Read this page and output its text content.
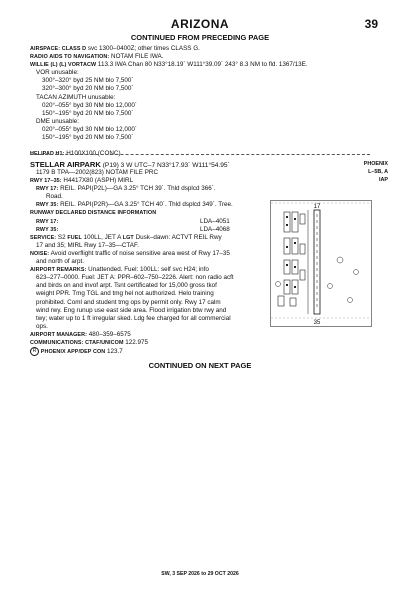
ARIZONA	39
CONTINUED FROM PRECEDING PAGE
AIRSPACE: CLASS D svc 1300–0400Z; other times CLASS G.
RADIO AIDS TO NAVIGATION: NOTAM FILE IWA.
WILLIE (L) (L) VORTACW 113.3 IWA Chan 80 N33°18.19´ W111°39.09´ 243° 8.3 NM to fld. 1367/13E.
VOR unusable:
300°–320° byd 25 NM blo 7,500´
320°–300° byd 20 NM blo 7,500´
TACAN AZIMUTH unusable:
020°–055° byd 30 NM blo 12,000´
150°–195° byd 20 NM blo 7,500´
DME unusable:
020°–055° byd 30 NM blo 12,000´
150°–195° byd 20 NM blo 7,500´
HELIPAD H1: H100X100 (CONC)
STELLAR AIRPARK (P19) 3 W UTC–7 N33°17.93´ W111°54.95´	PHOENIX
L–5B, A
IAP
1179 B TPA—2002(823) NOTAM FILE PRC
RWY 17–35: H4417X80 (ASPH) MIRL
RWY 17: REIL. PAPI(P2L)—GA 3.25° TCH 39´. Thld dsplcd 366´.
Road.
RWY 35: REIL. PAPI(P2R)—GA 3.25° TCH 40´. Thld dsplcd 349´. Tree.
RUNWAY DECLARED DISTANCE INFORMATION
RWY 17:	LDA–4051
RWY 35:	LDA–4068
SERVICE: S2 FUEL 100LL, JET A LGT Dusk–dawn: ACTVT REIL Rwy
17 and 35; MIRL Rwy 17–35—CTAF.
NOISE: Avoid overflight traffic of noise sensitive area west of Rwy 17–35
and north of arpt.
AIRPORT REMARKS: Unattended. Fuel: 100LL: self svc H24; info
623–277–0000. Fuel: JET A: PPR–602–750–2226. Alert: non radio acft
and birds on and invof arpt. Tsnt certificated for 15,000 gross tkof
weight PPR. Tmg TGL and tmg hel not authorized. Helo training
prohibited. Coml and student tmg ops by permit only. Rwy 17 calm
wind rwy. Eng runup use east side area. Flood irrigation btw rwy and
twy; water up to 1 ft irregular sked. Ldg fee charged for all commercial
ops.
AIRPORT MANAGER: 480–359–6575
COMMUNICATIONS: CTAF/UNICOM 122.975
R PHOENIX APP/DEP CON 123.7
17
35
CONTINUED ON NEXT PAGE
SW, 3 SEP 2026 to 29 OCT 2026
